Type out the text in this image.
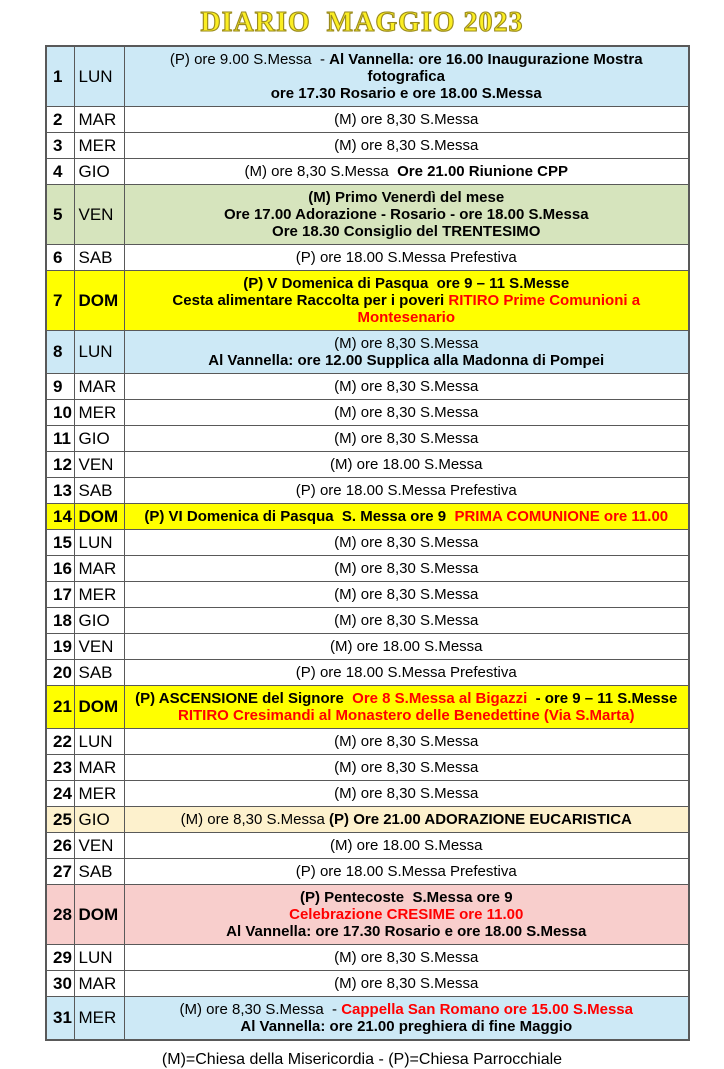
DIARIO  MAGGIO 2023
1	LUN	(P) ore 9.00 S.Messa  - Al Vannella: ore 16.00 Inaugurazione Mostra fotografica
ore 17.30 Rosario e ore 18.00 S.Messa

2	MAR	(M) ore 8,30 S.Messa

3	MER	(M) ore 8,30 S.Messa

4	GIO	(M) ore 8,30 S.Messa  Ore 21.00 Riunione CPP

5	VEN	(M) Primo Venerdì del mese
Ore 17.00 Adorazione - Rosario - ore 18.00 S.Messa
Ore 18.30 Consiglio del TRENTESIMO

6	SAB	(P) ore 18.00 S.Messa Prefestiva

7	DOM	(P) V Domenica di Pasqua  ore 9 – 11 S.Messe
Cesta alimentare Raccolta per i poveri RITIRO Prime Comunioni a Montesenario

8	LUN	(M) ore 8,30 S.Messa
Al Vannella: ore 12.00 Supplica alla Madonna di Pompei

9	MAR	(M) ore 8,30 S.Messa

10	MER	(M) ore 8,30 S.Messa

11	GIO	(M) ore 8,30 S.Messa

12	VEN	(M) ore 18.00 S.Messa

13	SAB	(P) ore 18.00 S.Messa Prefestiva

14	DOM	(P) VI Domenica di Pasqua  S. Messa ore 9  PRIMA COMUNIONE ore 11.00

15	LUN	(M) ore 8,30 S.Messa

16	MAR	(M) ore 8,30 S.Messa

17	MER	(M) ore 8,30 S.Messa

18	GIO	(M) ore 8,30 S.Messa

19	VEN	(M) ore 18.00 S.Messa

20	SAB	(P) ore 18.00 S.Messa Prefestiva

21	DOM	(P) ASCENSIONE del Signore  Ore 8 S.Messa al Bigazzi  - ore 9 – 11 S.Messe
RITIRO Cresimandi al Monastero delle Benedettine (Via S.Marta)

22	LUN	(M) ore 8,30 S.Messa

23	MAR	(M) ore 8,30 S.Messa

24	MER	(M) ore 8,30 S.Messa

25	GIO	(M) ore 8,30 S.Messa (P) Ore 21.00 ADORAZIONE EUCARISTICA

26	VEN	(M) ore 18.00 S.Messa

27	SAB	(P) ore 18.00 S.Messa Prefestiva

28	DOM	(P) Pentecoste  S.Messa ore 9
Celebrazione CRESIME ore 11.00
Al Vannella: ore 17.30 Rosario e ore 18.00 S.Messa

29	LUN	(M) ore 8,30 S.Messa

30	MAR	(M) ore 8,30 S.Messa

31	MER	(M) ore 8,30 S.Messa  - Cappella San Romano ore 15.00 S.Messa
Al Vannella: ore 21.00 preghiera di fine Maggio
(M)=Chiesa della Misericordia - (P)=Chiesa Parrocchiale
